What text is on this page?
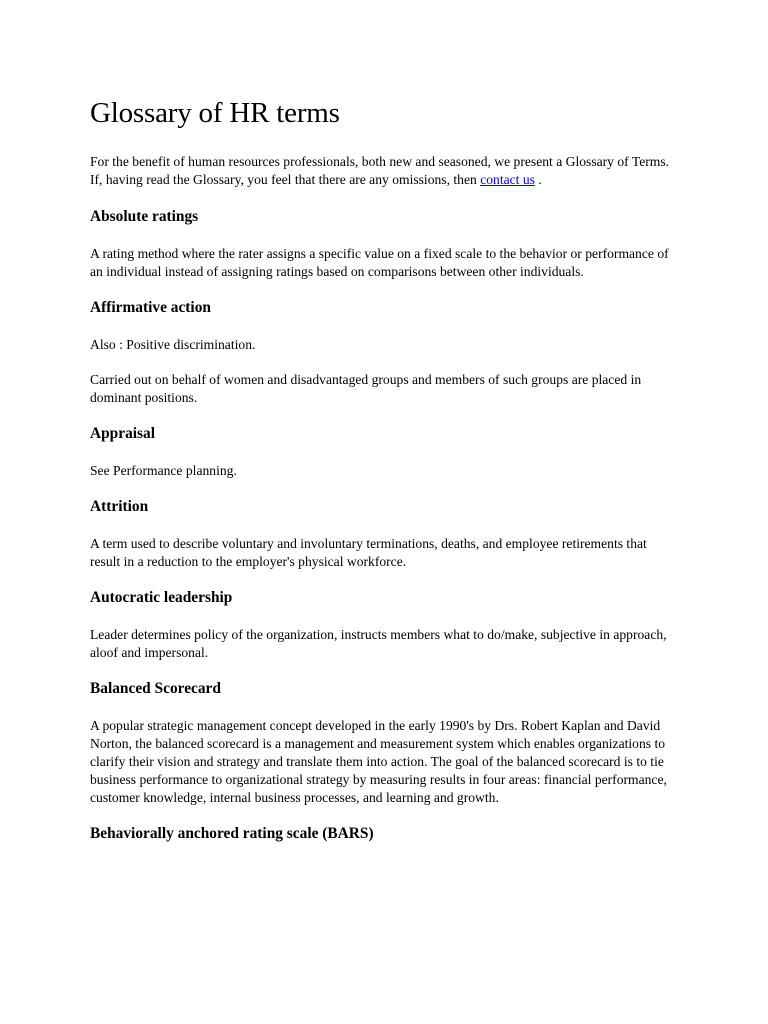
Glossary of HR terms

For the benefit of human resources professionals, both new and seasoned, we present a Glossary of Terms. If, having read the Glossary, you feel that there are any omissions, then contact us .

Absolute ratings

A rating method where the rater assigns a specific value on a fixed scale to the behavior or performance of an individual instead of assigning ratings based on comparisons between other individuals.

Affirmative action

Also : Positive discrimination.

Carried out on behalf of women and disadvantaged groups and members of such groups are placed in dominant positions.

Appraisal

See Performance planning.

Attrition

A term used to describe voluntary and involuntary terminations, deaths, and employee retirements that result in a reduction to the employer's physical workforce.

Autocratic leadership

Leader determines policy of the organization, instructs members what to do/make, subjective in approach, aloof and impersonal.

Balanced Scorecard

A popular strategic management concept developed in the early 1990's by Drs. Robert Kaplan and David Norton, the balanced scorecard is a management and measurement system which enables organizations to clarify their vision and strategy and translate them into action. The goal of the balanced scorecard is to tie business performance to organizational strategy by measuring results in four areas: financial performance, customer knowledge, internal business processes, and learning and growth.

Behaviorally anchored rating scale (BARS)
